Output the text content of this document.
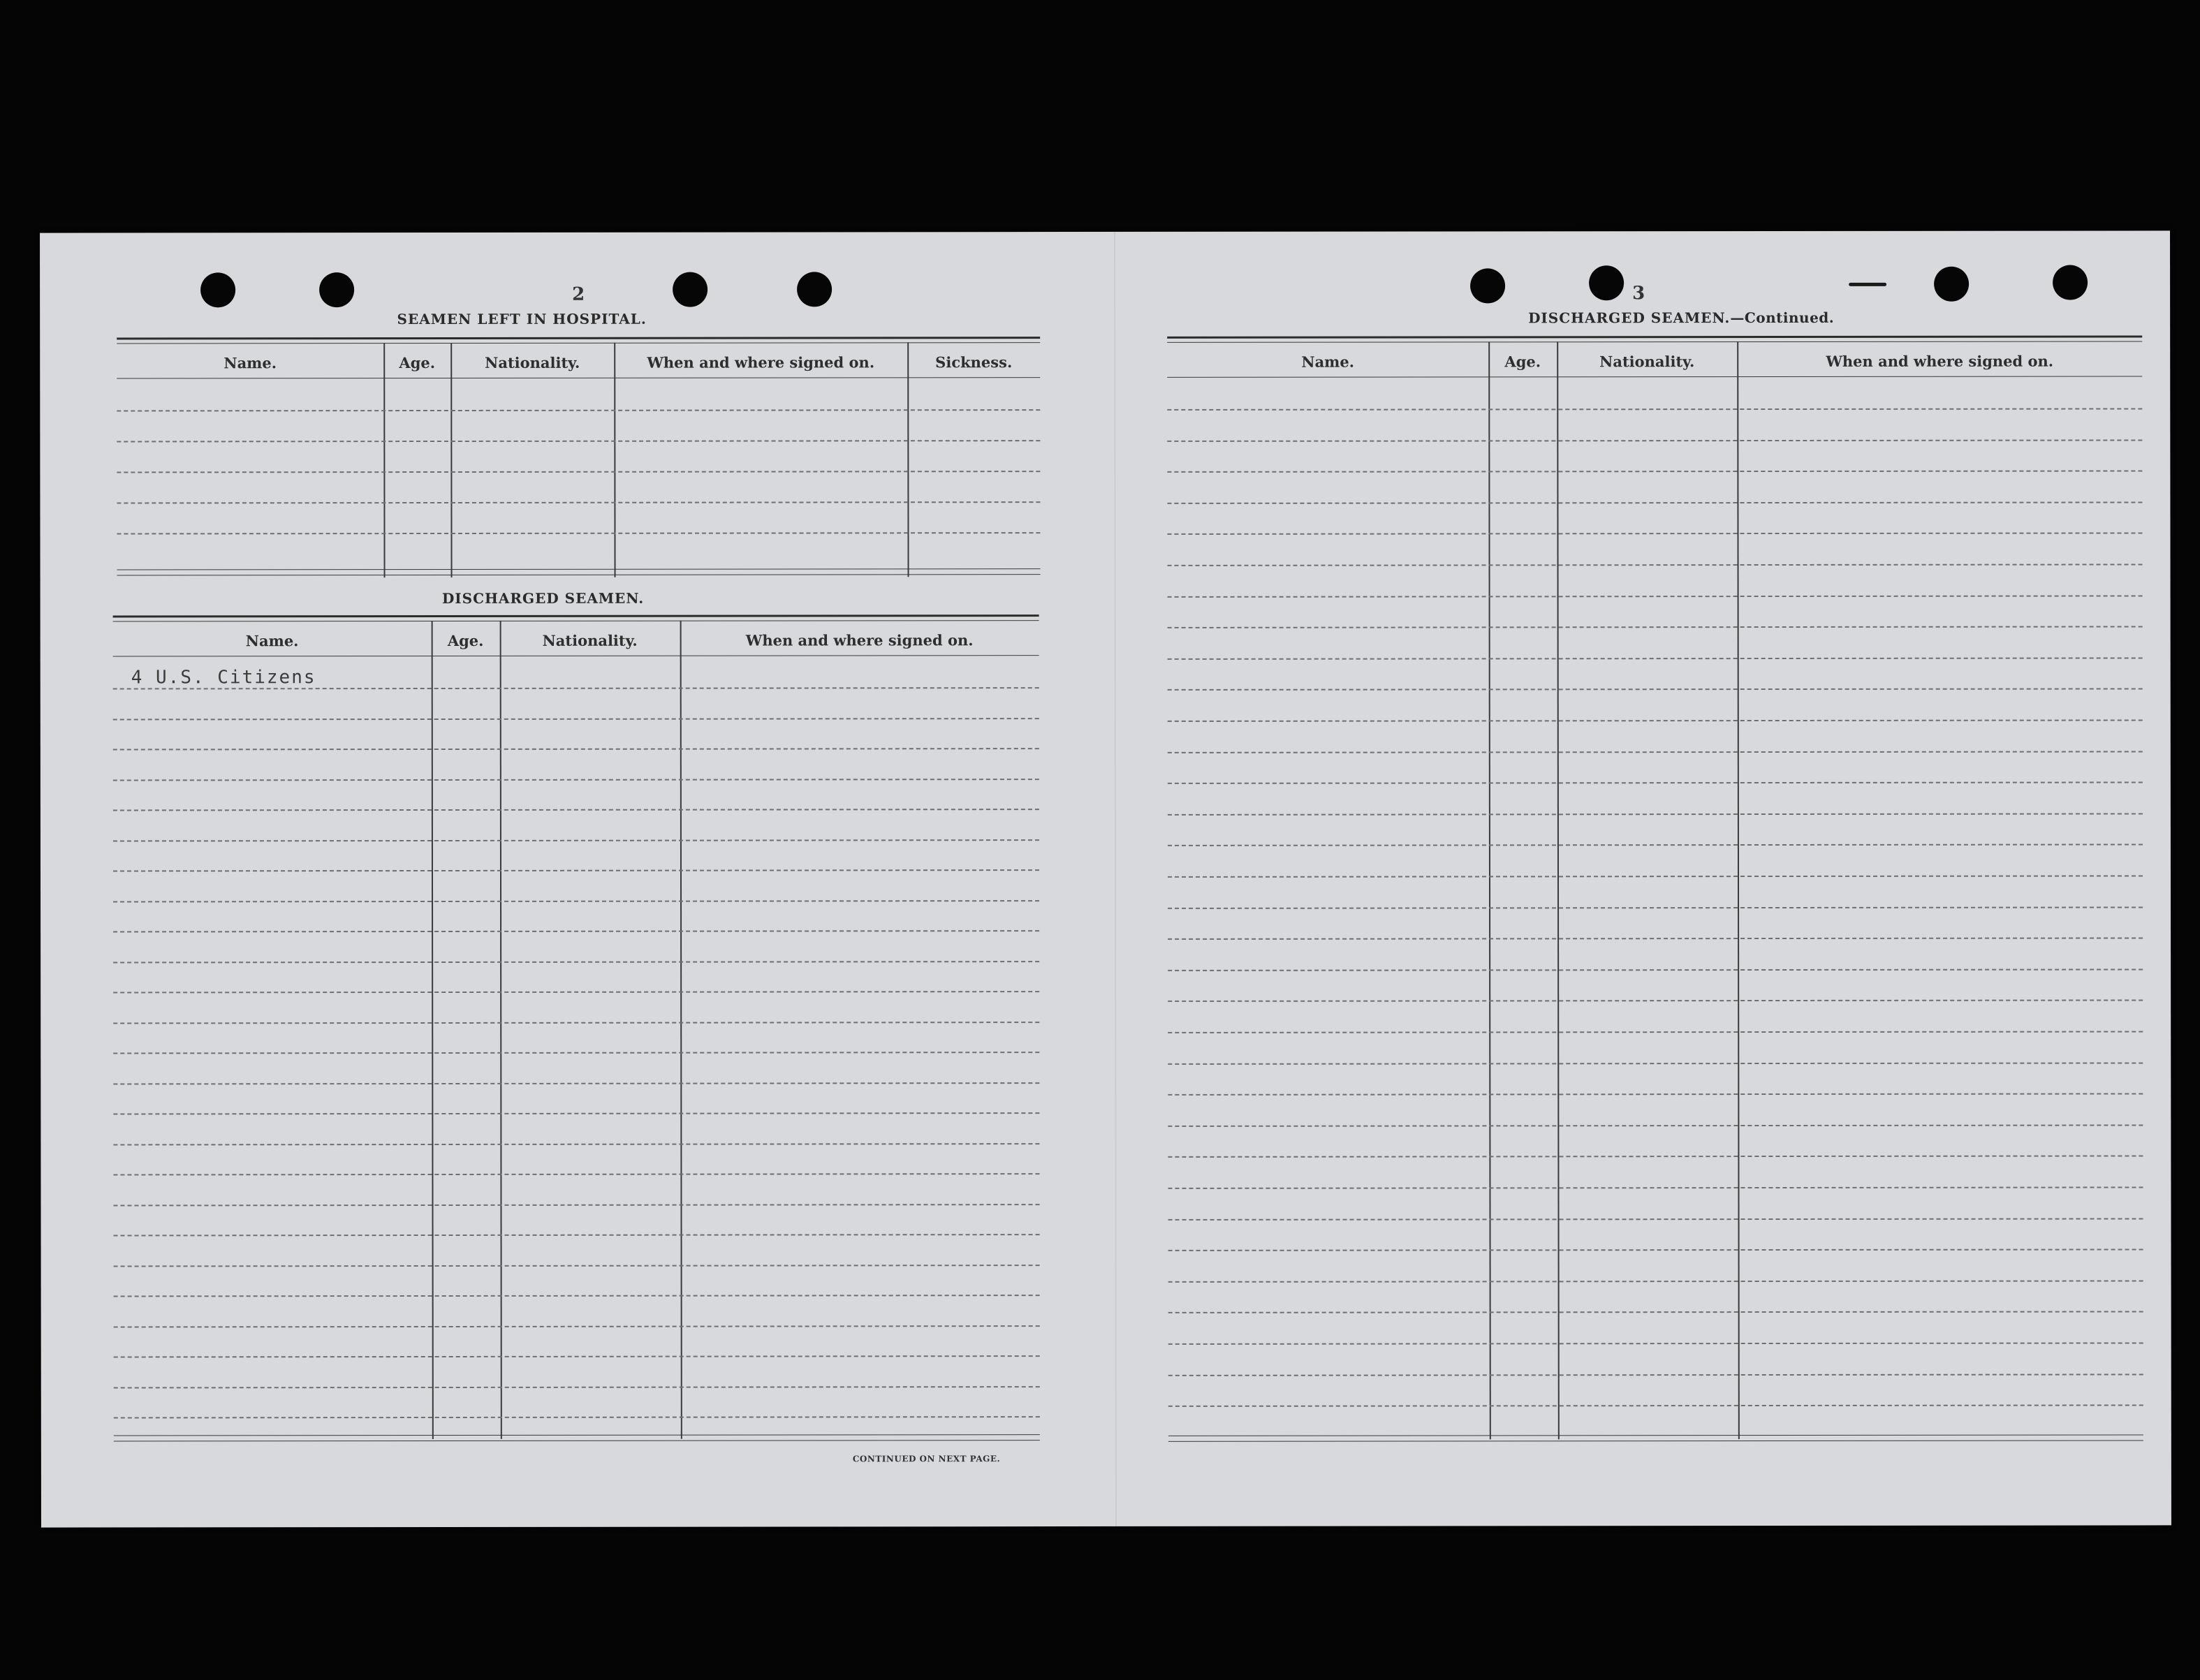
2
SEAMEN LEFT IN HOSPITAL.
Name.	Age.	Nationality.	When and where signed on.	Sickness.
DISCHARGED SEAMEN.
Name.	Age.	Nationality.	When and where signed on.
4 U.S. Citizens
CONTINUED ON NEXT PAGE.
3
DISCHARGED SEAMEN.—Continued.
Name.	Age.	Nationality.	When and where signed on.
